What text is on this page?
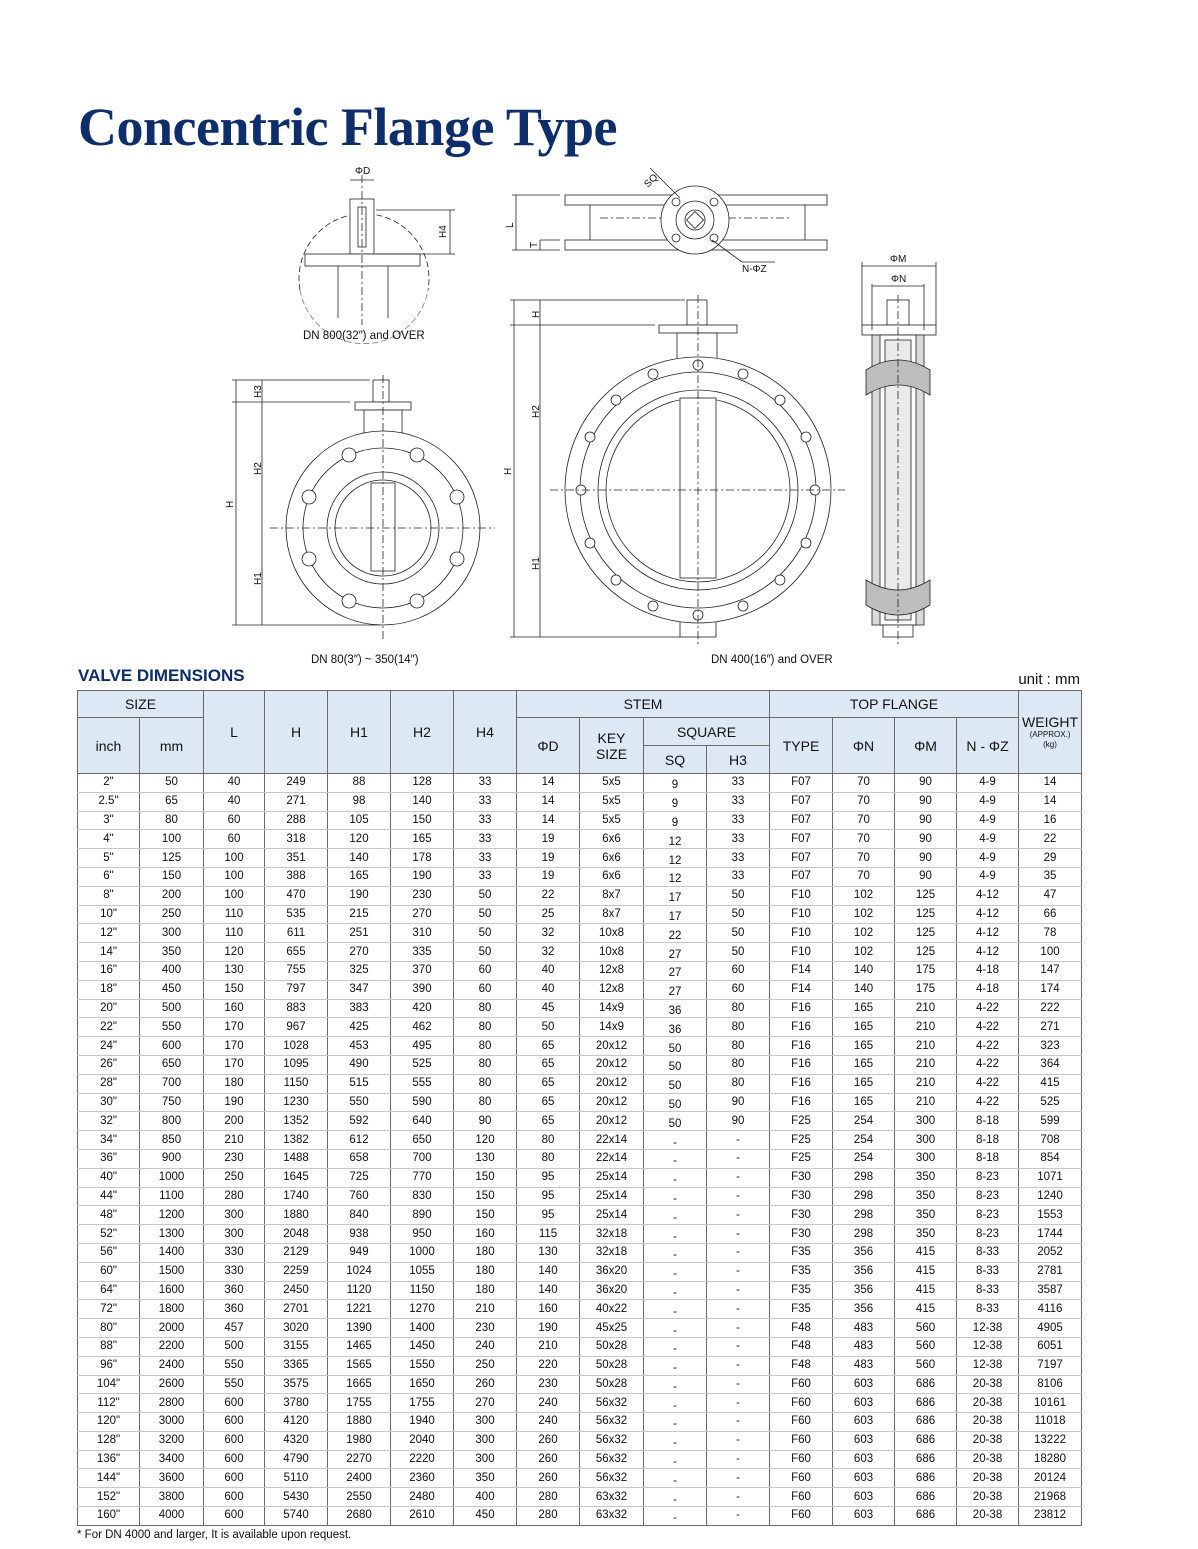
Concentric Flange Type
ΦD
H4	L
T
N-ΦZ
SQ
H3
H2
H1
H
H
H2
H1
H
ΦM
ΦN
DN 800(32″) and OVER
DN 80(3″) ~ 350(14″)	DN 400(16″) and OVER
VALVE DIMENSIONS	unit : mm
SIZE		L	H	H1	H2	H4	STEM				TOP FLANGE				WEIGHT
(APPROX.)
(kg)

inch	mm						ΦD	KEY
SIZE	SQUARE		TYPE	ΦN	ΦM	N - ΦZ	
									SQ	H3					
2"	50	40	249	88	128	33	14	5x5	9	33	F07	70	90	4-9	14
2.5"	65	40	271	98	140	33	14	5x5	9	33	F07	70	90	4-9	14
3"	80	60	288	105	150	33	14	5x5	9	33	F07	70	90	4-9	16
4"	100	60	318	120	165	33	19	6x6	12	33	F07	70	90	4-9	22
5"	125	100	351	140	178	33	19	6x6	12	33	F07	70	90	4-9	29
6"	150	100	388	165	190	33	19	6x6	12	33	F07	70	90	4-9	35
8"	200	100	470	190	230	50	22	8x7	17	50	F10	102	125	4-12	47
10"	250	110	535	215	270	50	25	8x7	17	50	F10	102	125	4-12	66
12"	300	110	611	251	310	50	32	10x8	22	50	F10	102	125	4-12	78
14"	350	120	655	270	335	50	32	10x8	27	50	F10	102	125	4-12	100
16"	400	130	755	325	370	60	40	12x8	27	60	F14	140	175	4-18	147
18"	450	150	797	347	390	60	40	12x8	27	60	F14	140	175	4-18	174
20"	500	160	883	383	420	80	45	14x9	36	80	F16	165	210	4-22	222
22"	550	170	967	425	462	80	50	14x9	36	80	F16	165	210	4-22	271
24"	600	170	1028	453	495	80	65	20x12	50	80	F16	165	210	4-22	323
26"	650	170	1095	490	525	80	65	20x12	50	80	F16	165	210	4-22	364
28"	700	180	1150	515	555	80	65	20x12	50	80	F16	165	210	4-22	415
30"	750	190	1230	550	590	80	65	20x12	50	90	F16	165	210	4-22	525
32"	800	200	1352	592	640	90	65	20x12	50	90	F25	254	300	8-18	599
34"	850	210	1382	612	650	120	80	22x14	-	-	F25	254	300	8-18	708
36"	900	230	1488	658	700	130	80	22x14	-	-	F25	254	300	8-18	854
40"	1000	250	1645	725	770	150	95	25x14	-	-	F30	298	350	8-23	1071
44"	1100	280	1740	760	830	150	95	25x14	-	-	F30	298	350	8-23	1240
48"	1200	300	1880	840	890	150	95	25x14	-	-	F30	298	350	8-23	1553
52"	1300	300	2048	938	950	160	115	32x18	-	-	F30	298	350	8-23	1744
56"	1400	330	2129	949	1000	180	130	32x18	-	-	F35	356	415	8-33	2052
60"	1500	330	2259	1024	1055	180	140	36x20	-	-	F35	356	415	8-33	2781
64"	1600	360	2450	1120	1150	180	140	36x20	-	-	F35	356	415	8-33	3587
72"	1800	360	2701	1221	1270	210	160	40x22	-	-	F35	356	415	8-33	4116
80"	2000	457	3020	1390	1400	230	190	45x25	-	-	F48	483	560	12-38	4905
88"	2200	500	3155	1465	1450	240	210	50x28	-	-	F48	483	560	12-38	6051
96"	2400	550	3365	1565	1550	250	220	50x28	-	-	F48	483	560	12-38	7197
104"	2600	550	3575	1665	1650	260	230	50x28	-	-	F60	603	686	20-38	8106
112"	2800	600	3780	1755	1755	270	240	56x32	-	-	F60	603	686	20-38	10161
120"	3000	600	4120	1880	1940	300	240	56x32	-	-	F60	603	686	20-38	11018
128"	3200	600	4320	1980	2040	300	260	56x32	-	-	F60	603	686	20-38	13222
136"	3400	600	4790	2270	2220	300	260	56x32	-	-	F60	603	686	20-38	18280
144"	3600	600	5110	2400	2360	350	260	56x32	-	-	F60	603	686	20-38	20124
152"	3800	600	5430	2550	2480	400	280	63x32	-	-	F60	603	686	20-38	21968
160"	4000	600	5740	2680	2610	450	280	63x32	-	-	F60	603	686	20-38	23812
* For DN 4000 and larger, It is available upon request.
